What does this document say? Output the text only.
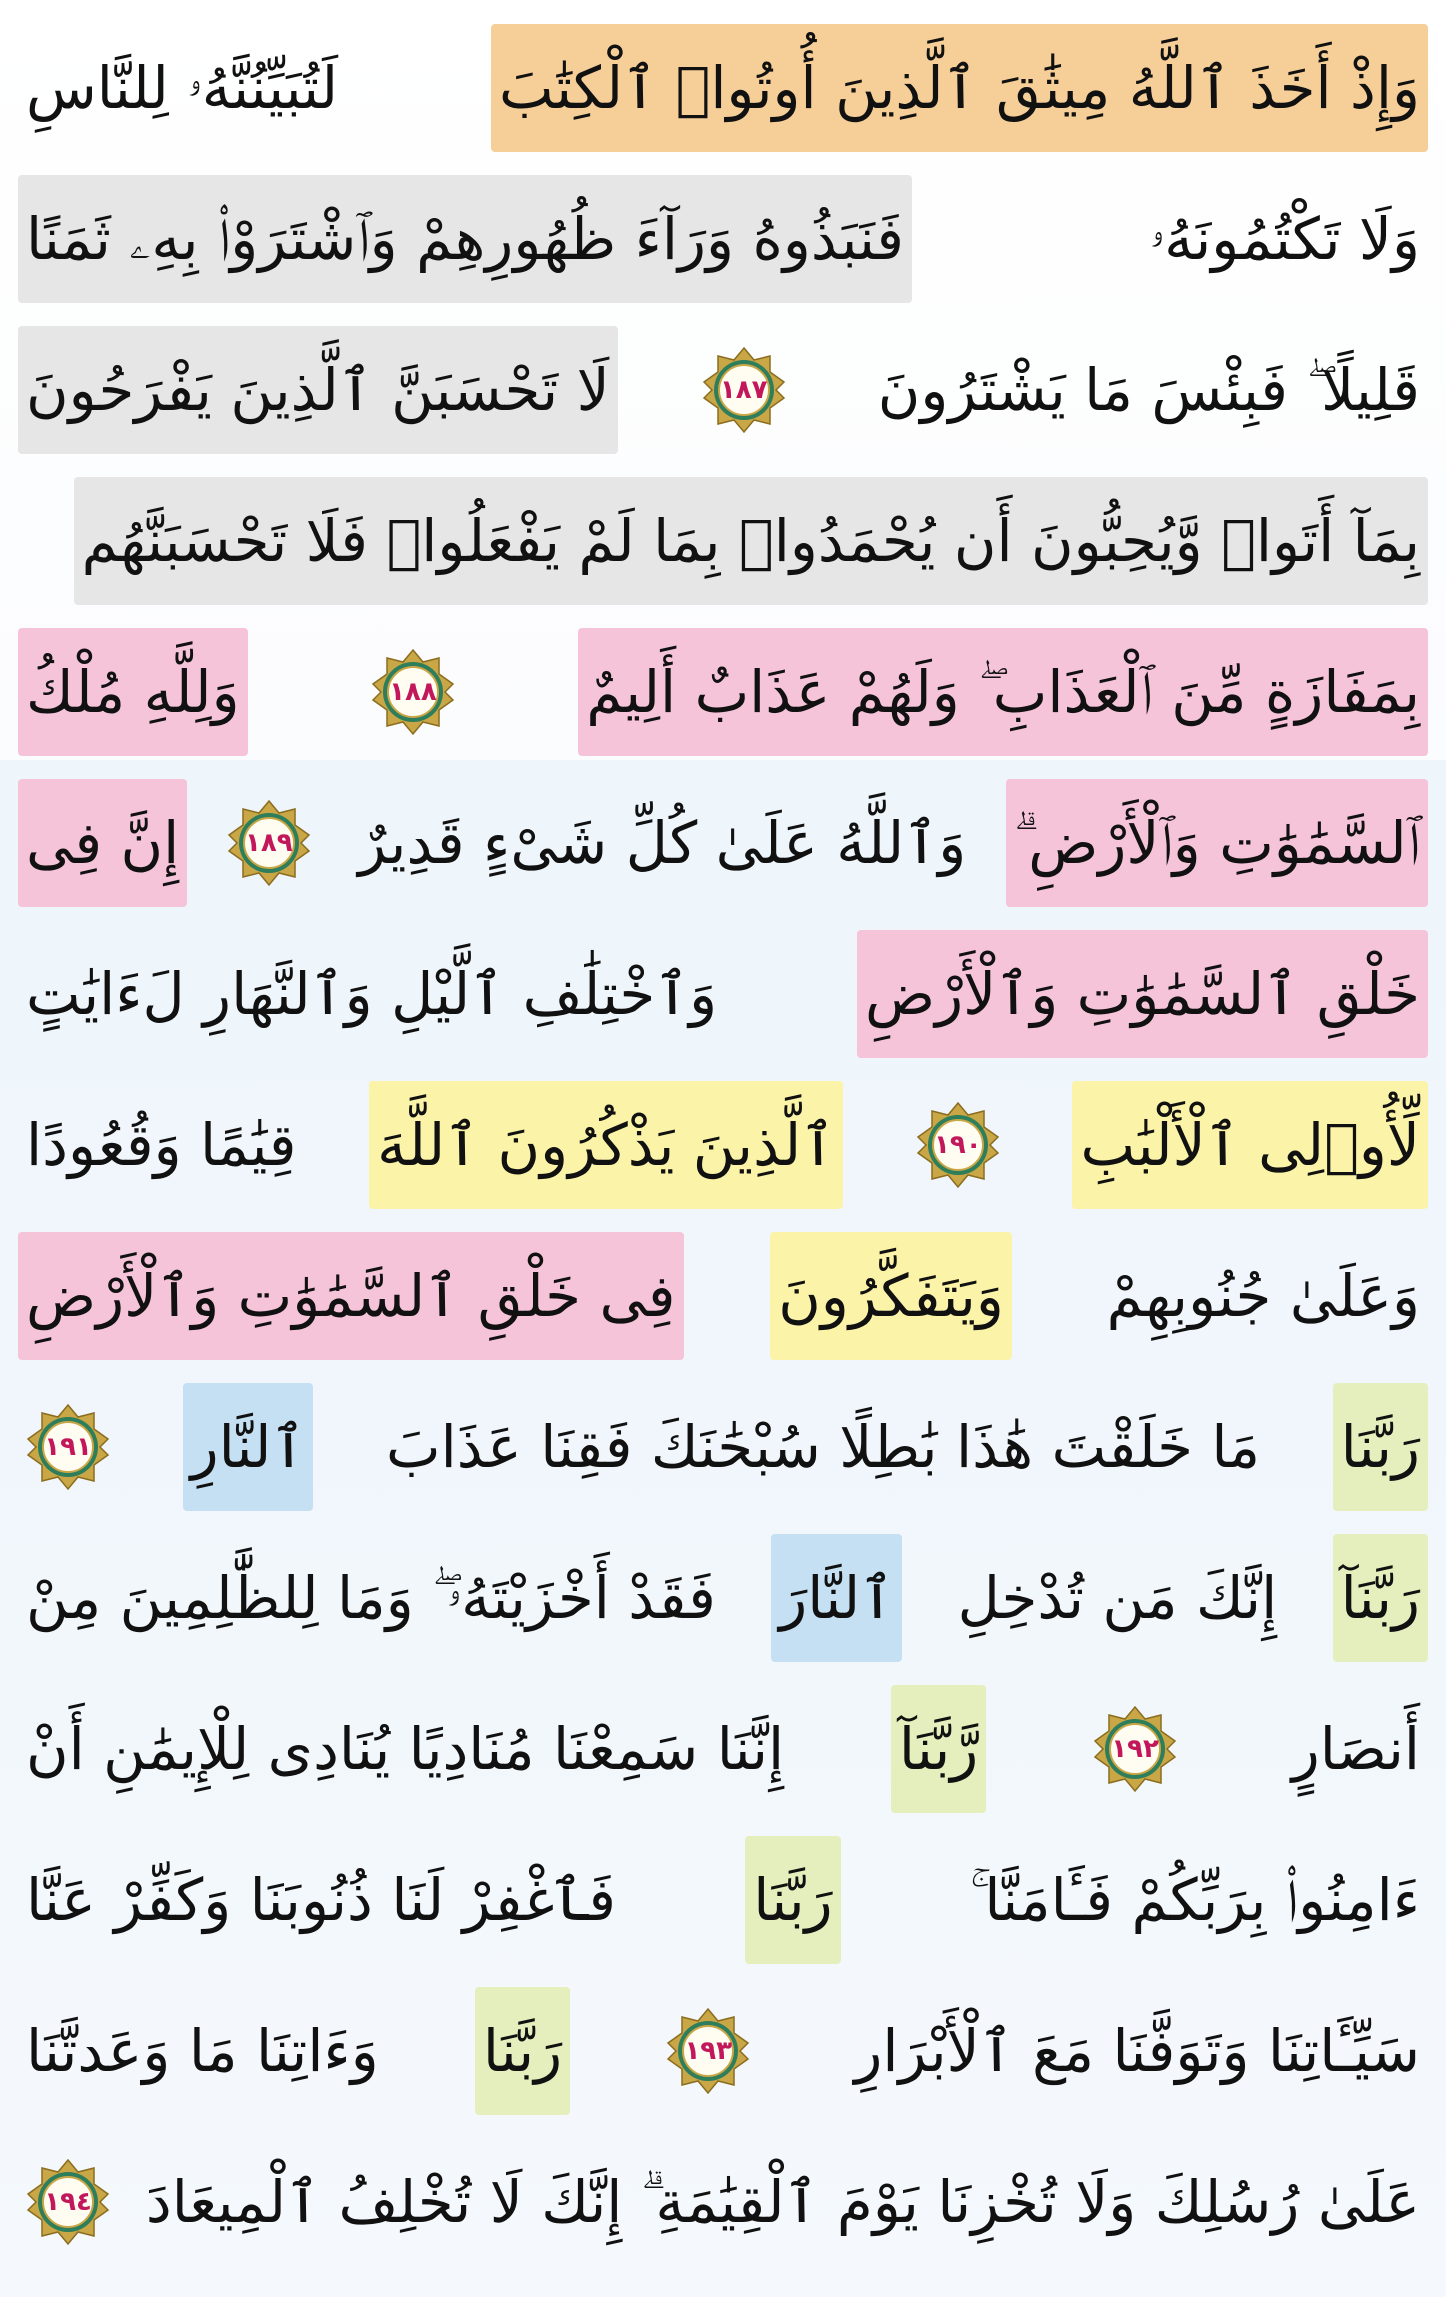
لَتُبَيِّنُنَّهُۥ لِلنَّاسِ	وَإِذْ أَخَذَ ٱللَّهُ مِيثَٰقَ ٱلَّذِينَ أُوتُوا۟ ٱلْكِتَٰبَ
وَلَا تَكْتُمُونَهُۥ
فَنَبَذُوهُ وَرَآءَ ظُهُورِهِمْ وَٱشْتَرَوْا۟ بِهِۦ ثَمَنًا
قَلِيلًا ۖ فَبِئْسَ مَا يَشْتَرُونَ
١٨٧
لَا تَحْسَبَنَّ ٱلَّذِينَ يَفْرَحُونَ
بِمَآ أَتَوا۟ وَّيُحِبُّونَ أَن يُحْمَدُوا۟ بِمَا لَمْ يَفْعَلُوا۟ فَلَا تَحْسَبَنَّهُم
بِمَفَازَةٍ مِّنَ ٱلْعَذَابِ ۖ وَلَهُمْ عَذَابٌ أَلِيمٌ
١٨٨
وَلِلَّهِ مُلْكُ
ٱلسَّمَٰوَٰتِ وَٱلْأَرْضِ ۗ
وَٱللَّهُ عَلَىٰ كُلِّ شَىْءٍ قَدِيرٌ
١٨٩
إِنَّ فِى
خَلْقِ ٱلسَّمَٰوَٰتِ وَٱلْأَرْضِ
وَٱخْتِلَٰفِ ٱلَّيْلِ وَٱلنَّهَارِ لَءَايَٰتٍ
لِّأُو۟لِى ٱلْأَلْبَٰبِ
١٩٠
ٱلَّذِينَ يَذْكُرُونَ ٱللَّهَ
قِيَٰمًا وَقُعُودًا
وَعَلَىٰ جُنُوبِهِمْ
وَيَتَفَكَّرُونَ
فِى خَلْقِ ٱلسَّمَٰوَٰتِ وَٱلْأَرْضِ
رَبَّنَا
مَا خَلَقْتَ هَٰذَا بَٰطِلًا سُبْحَٰنَكَ فَقِنَا عَذَابَ
ٱلنَّارِ
١٩١
رَبَّنَآ
إِنَّكَ مَن تُدْخِلِ
ٱلنَّارَ
فَقَدْ أَخْزَيْتَهُۥ ۖ وَمَا لِلظَّٰلِمِينَ مِنْ
أَنصَارٍ
١٩٢
رَّبَّنَآ
إِنَّنَا سَمِعْنَا مُنَادِيًا يُنَادِى لِلْإِيمَٰنِ أَنْ
ءَامِنُوا۟ بِرَبِّكُمْ فَـَٔامَنَّا ۚ
رَبَّنَا
فَٱغْفِرْ لَنَا ذُنُوبَنَا وَكَفِّرْ عَنَّا
سَيِّـَٔاتِنَا وَتَوَفَّنَا مَعَ ٱلْأَبْرَارِ
١٩٣
رَبَّنَا
وَءَاتِنَا مَا وَعَدتَّنَا
عَلَىٰ رُسُلِكَ وَلَا تُخْزِنَا يَوْمَ ٱلْقِيَٰمَةِ ۗ إِنَّكَ لَا تُخْلِفُ ٱلْمِيعَادَ
١٩٤
